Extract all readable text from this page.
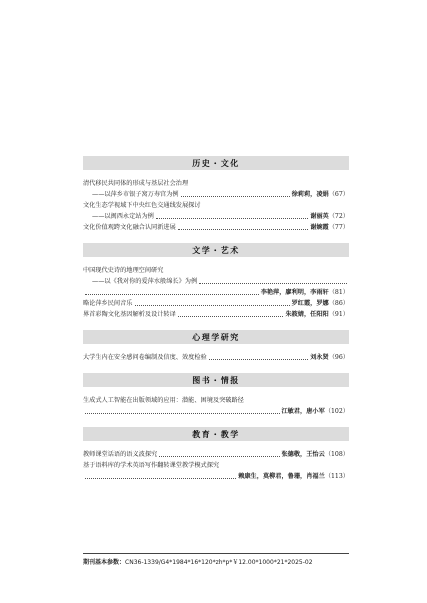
历史・文化
清代移民共同体的形成与基层社会治理
——以萍乡市银子窝万寿宫为例	徐莉莉，凌娟 （67）
文化生态学视域下中央红色交通线发展探讨
——以闽西永定站为例	谢丽英 （72）
文化价值观跨文化融合认同新进展	谢婉霞 （77）
文学・艺术
中国现代史诗的地理空间研究
——以《我对你的爱萍水般绵长》为例
李艳萍，廖利明，李雨轩 （81）
略论萍乡民间音乐	罗红霞，罗娜 （86）
界首彩陶文化基因解析及设计转译	朱筱婧，任阳阳 （91）
心理学研究
大学生内在安全感问卷编制及信度、效度检验	刘永贤 （96）
图书・情报
生成式人工智能在出版领域的应用：潜能、困境及突破路径
江敏君，唐小军 （102）
教育・教学
教师课堂话语的语义波探究	张德敬，王怡云 （108）
基于语料库的学术英语写作翻转课堂教学模式探究
赖康生，莫柳君，鲁珊，肖福兰 （113）
期刊基本参数：CN36-1339/G4*1984*16*120*zh*p*￥12.00*1000*21*2025-02
